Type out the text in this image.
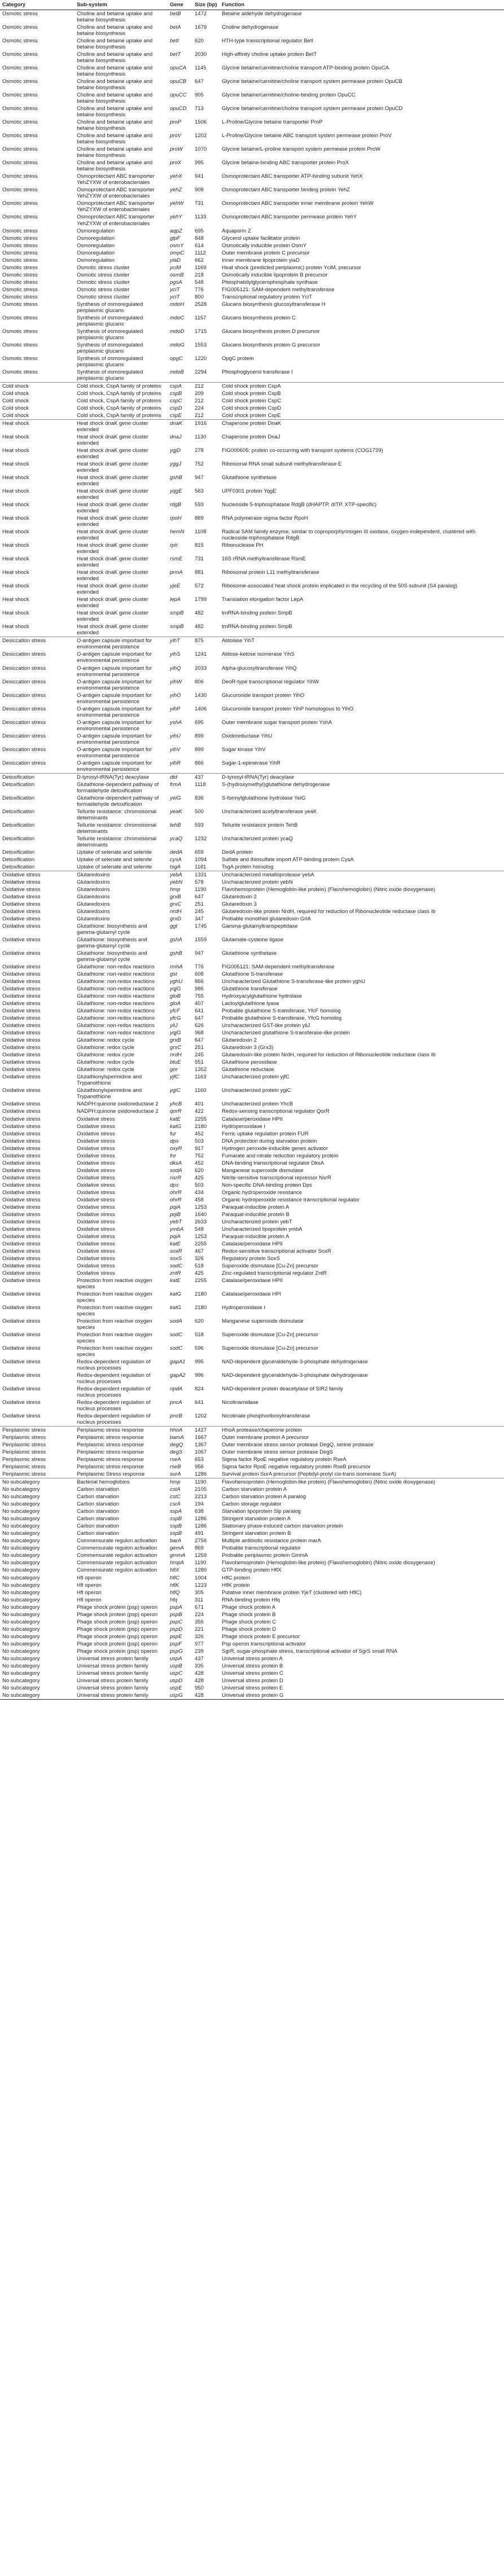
Category	Sub-system	Gene	Size (bp)	Function
Osmotic stress	Choline and betaine uptake and betaine biosynthesis	betB	1472	Betaine aldehyde dehydrogenase
Osmotic stress	Choline and betaine uptake and betaine biosynthesis	betA	1679	Choline dehydrogenase
Osmotic stress	Choline and betaine uptake and betaine biosynthesis	betI	620	HTH-type transcriptional regulator BetI
Osmotic stress	Choline and betaine uptake and betaine biosynthesis	betT	2030	High-affinity choline uptake protein BetT
Osmotic stress	Choline and betaine uptake and betaine biosynthesis	opuCA	1145	Glycine betaine/carnitine/choline transport ATP-binding protein OpuCA
Osmotic stress	Choline and betaine uptake and betaine biosynthesis	opuCB	647	Glycine betaine/carnitine/choline transport system permease protein OpuCB
Osmotic stress	Choline and betaine uptake and betaine biosynthesis	opuCC	905	Glycine betaine/carnitine/choline-binding protein OpuCC
Osmotic stress	Choline and betaine uptake and betaine biosynthesis	opuCD	713	Glycine betaine/carnitine/choline transport system permease protein OpuCD
Osmotic stress	Choline and betaine uptake and betaine biosynthesis	proP	1506	L-Proline/Glycine betaine transporter ProP
Osmotic stress	Choline and betaine uptake and betaine biosynthesis	proV	1202	L-Proline/Glycine betaine ABC transport system permease protein ProV
Osmotic stress	Choline and betaine uptake and betaine biosynthesis	proW	1070	Glycine betaine/L-proline transport system permease protein ProW
Osmotic stress	Choline and betaine uptake and betaine biosynthesis	proX	995	Glycine betaine-binding ABC transporter protein ProX
Osmotic stress	Osmoprotectant ABC transporter YehZYXW of enterobacteriales	yehX	941	Osmoprotectant ABC transporter ATP-binding subunit YehX
Osmotic stress	Osmoprotectant ABC transporter YehZYXW of enterobacteriales	yehZ	908	Osmoprotectant ABC transporter binding protein YehZ
Osmotic stress	Osmoprotectant ABC transporter YehZYXW of enterobacteriales	yehW	731	Osmoprotectant ABC transporter inner membrane protein YehW
Osmotic stress	Osmoprotectant ABC transporter YehZYXW of enterobacteriales	yehY	1133	Osmoprotectant ABC transporter permease protein YehY
Osmotic stress	Osmoregulation	aqpZ	695	Aquaporin Z
Osmotic stress	Osmoregulation	glpF	848	Glycerol uptake facilitator protein
Osmotic stress	Osmoregulation	osmY	614	Osmotically inducible protein OsmY
Osmotic stress	Osmoregulation	ompC	1112	Outer membrane protein C precursor
Osmotic stress	Osmoregulation	yiaD	662	Inner membrane lipoprotein yiaD
Osmotic stress	Osmotic stress cluster	yciM	1169	Heat shock (predicted periplasmic) protein YciM, precursor
Osmotic stress	Osmotic stress cluster	osmB	218	Osmotically inducible lipoprotein B precursor
Osmotic stress	Osmotic stress cluster	pgsA	548	Phosphatidylglycerophosphate synthase
Osmotic stress	Osmotic stress cluster	yciT	776	FIG005121: SAM-dependent methyltransferase
Osmotic stress	Osmotic stress cluster	yciT	800	Transcriptional regulatory protein YciT
Osmotic stress	Synthesis of osmoregulated periplasmic glucans	mdoH	2528	Glucans biosynthesis glucosyltransferase H
Osmotic stress	Synthesis of osmoregulated periplasmic glucans	mdoC	1157	Glucans biosynthesis protein C
Osmotic stress	Synthesis of osmoregulated periplasmic glucans	mdoD	1715	Glucans biosynthesis protein D precursor
Osmotic stress	Synthesis of osmoregulated periplasmic glucans	mdoG	1553	Glucans biosynthesis protein G precursor
Osmotic stress	Synthesis of osmoregulated periplasmic glucans	opgC	1220	OpgC protein
Osmotic stress	Synthesis of osmoregulated periplasmic glucans	mdoB	2294	Phosphoglycerol transferase I
Cold shock	Cold shock, CspA family of proteins	cspA	212	Cold shock protein CspA
Cold shock	Cold shock, CspA family of proteins	cspB	209	Cold shock protein CspB
Cold shock	Cold shock, CspA family of proteins	cspC	212	Cold shock protein CspC
Cold shock	Cold shock, CspA family of proteins	cspD	224	Cold shock protein CspD
Cold shock	Cold shock, CspA family of proteins	cspE	212	Cold shock protein CspE
Heat shock	Heat shock dnaK gene cluster extended	dnaK	1916	Chaperone protein DnaK
Heat shock	Heat shock dnaK gene cluster extended	dnaJ	1130	Chaperone protein DnaJ
Heat shock	Heat shock dnaK gene cluster extended	ygjD	278	FIG000605: protein co-occurring with transport systems (COG1739)
Heat shock	Heat shock dnaK gene cluster extended	yggJ	752	Ribosomal RNA small subunit methyltransferase E
Heat shock	Heat shock dnaK gene cluster extended	gshB	947	Glutathione synthetase
Heat shock	Heat shock dnaK gene cluster extended	yqgE	563	UPF0301 protein YqgE
Heat shock	Heat shock dnaK gene cluster extended	rdgB	593	Nucleoside 5-triphosphatase RdgB (dHAPTP, dITP, XTP-specific)
Heat shock	Heat shock dnaK gene cluster extended	rpoH	869	RNA polymerase sigma factor RpoH
Heat shock	Heat shock dnaK gene cluster extended	hemN	1108	Radical SAM family enzyme, similar to coproporphyrinogen III oxidase, oxygen-independent, clustered with nucleoside-triphosphatase RdgB
Heat shock	Heat shock dnaK gene cluster extended	rph	815	Ribonuclease PH
Heat shock	Heat shock dnaK gene cluster extended	rsmE	731	16S rRNA methyltransferase RsmE
Heat shock	Heat shock dnaK gene cluster extended	prmA	881	Ribosomal protein L11 methyltransferase
Heat shock	Heat shock dnaK gene cluster extended	yjeE	572	Ribosome-associated heat shock protein implicated in the recycling of the 50S subunit (S4 paralog)
Heat shock	Heat shock dnaK gene cluster extended	lepA	1799	Translation elongation factor LepA
Heat shock	Heat shock dnaK gene cluster extended	smpB	482	tmRNA-binding protein SmpB
Heat shock	Heat shock dnaK gene cluster extended	smpB	482	tmRNA-binding protein SmpB
Desiccation stress	O-antigen capsule important for environmental persistence	yihT	875	Aldolase YihT
Desiccation stress	O-antigen capsule important for environmental persistence	yihS	1241	Aldose-ketose isomerase YihS
Desiccation stress	O-antigen capsule important for environmental persistence	yihQ	2033	Alpha-glucosyltransferase YihQ
Desiccation stress	O-antigen capsule important for environmental persistence	yihW	806	DeoR-type transcriptional regulator YihW
Desiccation stress	O-antigen capsule important for environmental persistence	yihO	1430	Glucuronide transport protein YihO
Desiccation stress	O-antigen capsule important for environmental persistence	yihP	1406	Glucuronide transport protein YihP homologous to YihO
Desiccation stress	O-antigen capsule important for environmental persistence	yshA	695	Outer membrane sugar transport protein YshA
Desiccation stress	O-antigen capsule important for environmental persistence	yihU	899	Oxidoreductase YihU
Desiccation stress	O-antigen capsule important for environmental persistence	yihV	899	Sugar kinase YihV
Desiccation stress	O-antigen capsule important for environmental persistence	yihR	866	Sugar-1-epimerase YihR
Detoxification	D-tyrosyl-tRNA(Tyr) deacylase	dtd	437	D-tyrosyl-tRNA(Tyr) deacylase
Detoxification	Glutathione-dependent pathway of formaldehyde detoxification	frmA	1118	S-(hydroxymethyl)glutathione dehydrogenase
Detoxification	Glutathione-dependent pathway of formaldehyde detoxification	yeiG	836	S-formylglutathione hydrolase YeiG
Detoxification	Tellurite resistance: chromosomal determinants	yeaK	500	Uncharacterized acetyltransferase yeaK
Detoxification	Tellurite resistance: chromosomal determinants	tehB	593	Tellurite resistance protein TehB
Detoxification	Tellurite resistance: chromosomal determinants	ycaQ	1232	Uncharacterized protein ycaQ
Detoxification	Uptake of selenate and selenite	dedA	659	DedA protein
Detoxification	Uptake of selenate and selenite	cysA	1094	Sulfate and thiosulfate import ATP-binding protein CysA
Detoxification	Uptake of selenate and selenite	tsgA	1181	TsgA protein homolog
Oxidative stress	Glutaredoxins	yebA	1331	Uncharacterized metalloprotease yebA
Oxidative stress	Glutaredoxins	yebN	578	Uncharacterized protein yebN
Oxidative stress	Glutaredoxins	hmp	1190	Flavohemoprotein (Hemoglobin-like protein) (Flavohemoglobin) (Nitric oxide dioxygenase)
Oxidative stress	Glutaredoxins	grxB	647	Glutaredoxin 2
Oxidative stress	Glutaredoxins	grxC	251	Glutaredoxin 3
Oxidative stress	Glutaredoxins	nrdH	245	Glutaredoxin-like protein NrdH, required for reduction of Ribonucleotide reductase class Ib
Oxidative stress	Glutaredoxins	grxD	347	Probable monothiol glutaredoxin GrlA
Oxidative stress	Glutathione: biosynthesis and gamma-glutamyl cycle	ggt	1745	Gamma-glutamyltranspeptidase
Oxidative stress	Glutathione: biosynthesis and gamma-glutamyl cycle	gshA	1559	Glutamate-cysteine ligase
Oxidative stress	Glutathione: biosynthesis and gamma-glutamyl cycle	gshB	947	Glutathione synthetase
Oxidative stress	Glutathione: non-redox reactions	rmhA	776	FIG005121: SAM-dependent methyltransferase
Oxidative stress	Glutathione: non-redox reactions	gst	608	Glutathione S-transferase
Oxidative stress	Glutathione: non-redox reactions	yghU	866	Uncharacterized Glutathione S-transferase-like protein yghU
Oxidative stress	Glutathione: non-redox reactions	yqjG	986	Glutathione transferase
Oxidative stress	Glutathione: non-redox reactions	gloB	755	Hydroxyacylglutathione hydrolase
Oxidative stress	Glutathione: non-redox reactions	gloA	407	Lactoylglutathione lyase
Oxidative stress	Glutathione: non-redox reactions	yfcF	641	Probable glutathione S-transferase, YfcF homolog
Oxidative stress	Glutathione: non-redox reactions	yfcG	647	Probable glutathione S-transferase, YfcG homolog
Oxidative stress	Glutathione: non-redox reactions	yliJ	626	Uncharacterized GST-like protein yliJ
Oxidative stress	Glutathione: non-redox reactions	yqjG	968	Uncharacterized glutathione S-transferase-like protein
Oxidative stress	Glutathione: redox cycle	grxB	647	Glutaredoxin 2
Oxidative stress	Glutathione: redox cycle	grxC	251	Glutaredoxin 3 (Grx3)
Oxidative stress	Glutathione: redox cycle	nrdH	245	Glutaredoxin-like protein NrdH, required for reduction of Ribonucleotide reductase class Ib
Oxidative stress	Glutathione: redox cycle	btuE	551	Glutathione peroxidase
Oxidative stress	Glutathione: redox cycle	gor	1352	Glutathione reductase
Oxidative stress	Glutathionylspermidine and Trypanothione	yjfC	1163	Uncharacterized protein yjfC
Oxidative stress	Glutathionylspermidine and Trypanothione	ygiC	1160	Uncharacterized protein ygiC
Oxidative stress	NADPH:quinone oxidoreductase 2	yhcB	401	Uncharacterized protein YhcB
Oxidative stress	NADPH:quinone oxidoreductase 2	qorR	422	Redox-sensing transcriptional regulator QorR
Oxidative stress	Oxidative stress	katE	2255	Catalase/peroxidase HPII
Oxidative stress	Oxidative stress	katG	2180	Hydroperoxidase I
Oxidative stress	Oxidative stress	fur	452	Ferric uptake regulation protein FUR
Oxidative stress	Oxidative stress	dps	503	DNA protection during starvation protein
Oxidative stress	Oxidative stress	oxyR	917	Hydrogen peroxide-inducible genes activator
Oxidative stress	Oxidative stress	fnr	752	Fumarate and nitrate reduction regulatory protein
Oxidative stress	Oxidative stress	dksA	452	DNA-binding transcriptional regulator DksA
Oxidative stress	Oxidative stress	sodA	620	Manganese superoxide dismutase
Oxidative stress	Oxidative stress	nsrR	425	Nitrite-sensitive transcriptional repressor NsrR
Oxidative stress	Oxidative stress	dps	503	Non-specific DNA-binding protein Dps
Oxidative stress	Oxidative stress	ohrR	434	Organic hydroperoxide resistance
Oxidative stress	Oxidative stress	ohrR	458	Organic hydroperoxide resistance transcriptional regulator
Oxidative stress	Oxidative stress	pqiA	1253	Paraquat-inducible protein A
Oxidative stress	Oxidative stress	pqiB	1640	Paraquat-inducible protein B
Oxidative stress	Oxidative stress	yebT	2633	Uncharacterized protein yebT
Oxidative stress	Oxidative stress	ymbA	548	Uncharacterized lipoprotein ymbA
Oxidative stress	Oxidative stress	pqiA	1253	Paraquat-inducible protein A
Oxidative stress	Oxidative stress	katE	2255	Catalase/peroxidase HPII
Oxidative stress	Oxidative stress	soxR	467	Redox-sensitive transcriptional activator SoxR
Oxidative stress	Oxidative stress	soxS	326	Regulatory protein SoxS
Oxidative stress	Oxidative stress	sodC	518	Superoxide dismutase [Cu-Zn] precursor
Oxidative stress	Oxidative stress	zntR	425	Zinc-regulated transcriptional regulator ZntR
Oxidative stress	Protection from reactive oxygen species	katE	2255	Catalase/peroxidase HPII
Oxidative stress	Protection from reactive oxygen species	katG	2180	Catalase/peroxidase HPI
Oxidative stress	Protection from reactive oxygen species	katG	2180	Hydroperoxidase I
Oxidative stress	Protection from reactive oxygen species	sodA	620	Manganese superoxide dismutase
Oxidative stress	Protection from reactive oxygen species	sodC	518	Superoxide dismutase [Cu-Zn] precursor
Oxidative stress	Protection from reactive oxygen species	sodC	596	Superoxide dismutase [Cu-Zn] precursor
Oxidative stress	Redox-dependent regulation of nucleus processes	gapA1	995	NAD-dependent glyceraldehyde-3-phosphate dehydrogenase
Oxidative stress	Redox-dependent regulation of nucleus processes	gapA2	996	NAD-dependent glyceraldehyde-3-phosphate dehydrogenase
Oxidative stress	Redox-dependent regulation of nucleus processes	npdA	824	NAD-dependent protein deacetylase of SIR2 family
Oxidative stress	Redox-dependent regulation of nucleus processes	pncA	641	Nicotinamidase
Oxidative stress	Redox-dependent regulation of nucleus processes	pncB	1202	Nicotinate phosphoribosyltransferase
Periplasmic stress	Periplasmic stress response	hhoA	1427	HhoA protease/chaperone protein
Periplasmic stress	Periplasmic stress response	bamA	1667	Outer membrane protein A precursor
Periplasmic stress	Periplasmic stress response	degQ	1367	Outer membrane stress sensor protease DegQ, serine protease
Periplasmic stress	Periplasmic stress response	degS	1067	Outer membrane stress sensor protease DegS
Periplasmic stress	Periplasmic stress response	rseA	653	Sigma factor RpoE negative regulatory protein RseA
Periplasmic stress	Periplasmic stress response	rseB	956	Sigma factor RpoE negative regulatory protein RseB precursor
Periplasmic stress	Periplasmic Stress response	surA	1286	Survival protein SurA precursor (Peptidyl-prolyl cis-trans isomerase SurA)
No subcategory	Bacterial hemoglobins	hmp	1190	Flavohemoprotein (Hemoglobin-like protein) (Flavohemoglobin) (Nitric oxide dioxygenase)
No subcategory	Carbon starvation	cstA	2105	Carbon starvation protein A
No subcategory	Carbon starvation	cstC	2213	Carbon starvation protein A paralog
No subcategory	Carbon starvation	csrA	194	Carbon storage regulator
No subcategory	Carbon starvation	sspA	638	Starvation lipoprotein Slp paralog
No subcategory	Carbon starvation	sspB	1286	Stringent starvation protein A
No subcategory	Carbon starvation	sspB	1286	Stationary phase-induced carbon starvation protein
No subcategory	Carbon starvation	sspB	491	Stringent starvation protein B
No subcategory	Commensurate regulon activation	barA	2756	Multiple antibiotic resistance protein marA
No subcategory	Commensurate regulon activation	gemA	869	Probable transcriptional regulator
No subcategory	Commensurate regulon activation	gmmA	1259	Probable periplasmic protein GmmA
No subcategory	Commensurate regulon activation	hmpA	1190	Flavohemoprotein (Hemoglobin-like protein) (Flavohemoglobin) (Nitric oxide dioxygenase)
No subcategory	Commensurate regulon activation	hflX	1280	GTP-binding protein HflX
No subcategory	Hfl operon	hflC	1004	HflC protein
No subcategory	Hfl operon	hflK	1223	HflK protein
No subcategory	Hfl operon	hflQ	305	Putative inner membrane protein YjeT (clustered with HflC)
No subcategory	Hfl operon	hfq	311	RNA-binding protein Hfq
No subcategory	Phage shock protein (psp) operon	pspA	671	Phage shock protein A
No subcategory	Phage shock protein (psp) operon	pspB	224	Phage shock protein B
No subcategory	Phage shock protein (psp) operon	pspC	356	Phage shock protein C
No subcategory	Phage shock protein (psp) operon	pspD	221	Phage shock protein D
No subcategory	Phage shock protein (psp) operon	pspE	326	Phage shock protein E precursor
No subcategory	Phage shock protein (psp) operon	pspF	977	Psp operon transcriptional activator
No subcategory	Phage shock protein (psp) operon	pspG	239	SgrR, sugar-phosphate stress, transcriptional activator of SgrS small RNA
No subcategory	Universal stress protein family	uspA	437	Universal stress protein A
No subcategory	Universal stress protein family	uspB	335	Universal stress protein B
No subcategory	Universal stress protein family	uspC	428	Universal stress protein C
No subcategory	Universal stress protein family	uspD	428	Universal stress protein D
No subcategory	Universal stress protein family	uspE	950	Universal stress protein E
No subcategory	Universal stress protein family	uspG	428	Universal stress protein G
